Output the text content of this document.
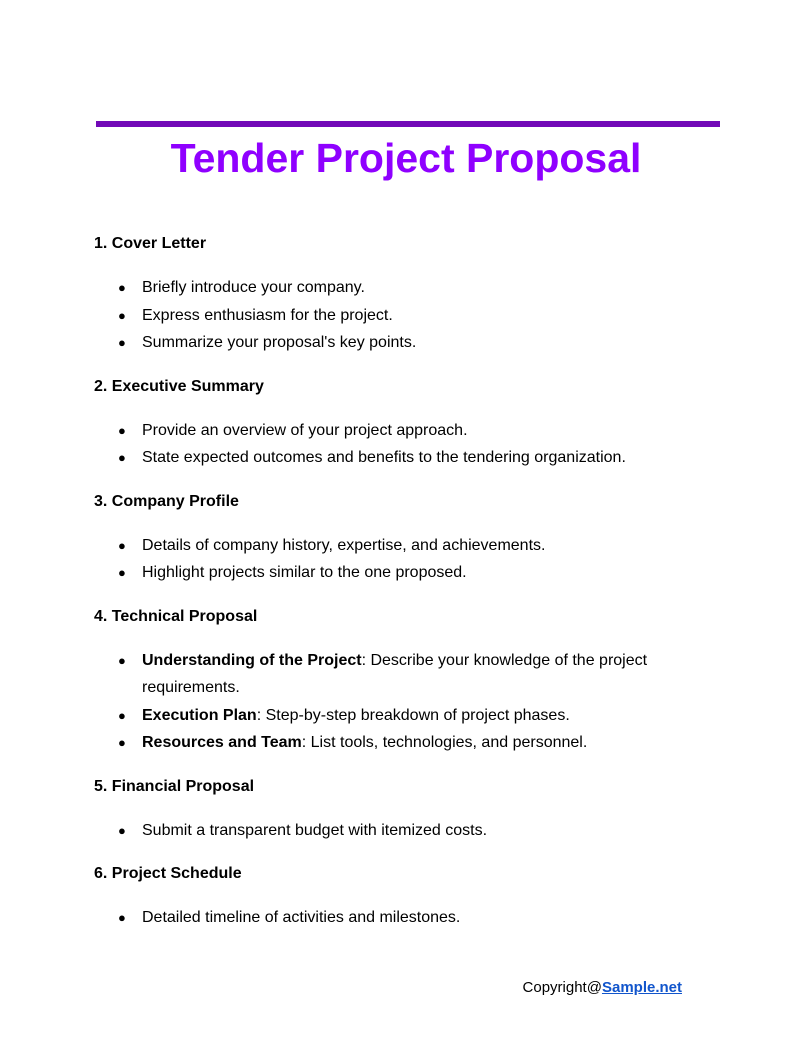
Tender Project Proposal
1. Cover Letter
● Briefly introduce your company.
● Express enthusiasm for the project.
● Summarize your proposal's key points.
2. Executive Summary
● Provide an overview of your project approach.
● State expected outcomes and benefits to the tendering organization.
3. Company Profile
● Details of company history, expertise, and achievements.
● Highlight projects similar to the one proposed.
4. Technical Proposal
● Understanding of the Project: Describe your knowledge of the project requirements.
● Execution Plan: Step-by-step breakdown of project phases.
● Resources and Team: List tools, technologies, and personnel.
5. Financial Proposal
● Submit a transparent budget with itemized costs.
6. Project Schedule
● Detailed timeline of activities and milestones.
Copyright@Sample.net
